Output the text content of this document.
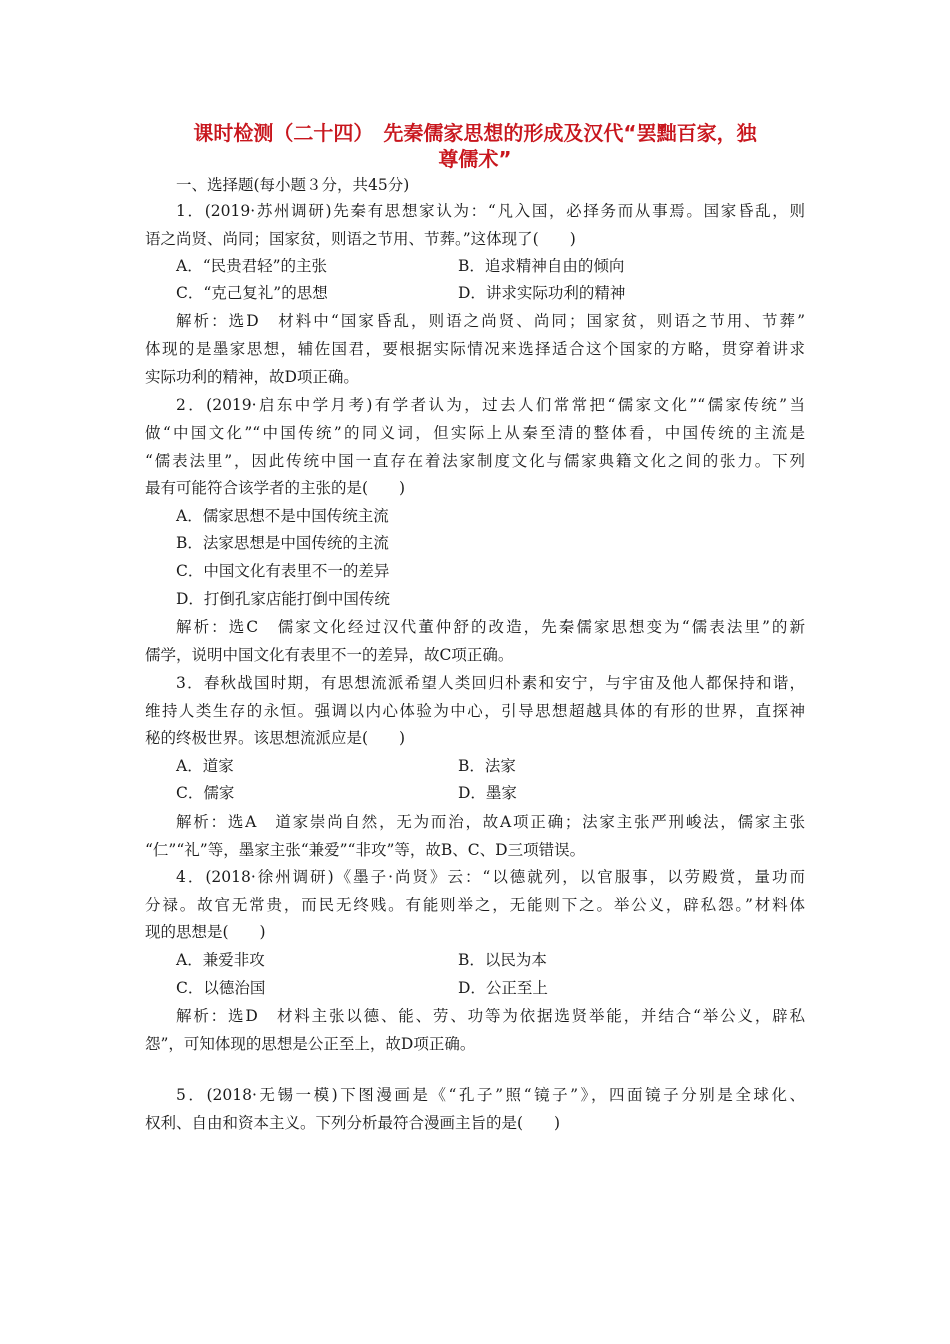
课时检测（二十四）　先秦儒家思想的形成及汉代“罢黜百家，独
尊儒术”
一、选择题(每小题３分，共45分)
1．(2019·苏州调研)先秦有思想家认为：“凡入国，必择务而从事焉。国家昏乱，则
语之尚贤、尚同；国家贫，则语之节用、节葬。”这体现了(　　)
A．“民贵君轻”的主张	B．追求精神自由的倾向
C．“克己复礼”的思想	D．讲求实际功利的精神
解析：选D　材料中“国家昏乱，则语之尚贤、尚同；国家贫，则语之节用、节葬”
体现的是墨家思想，辅佐国君，要根据实际情况来选择适合这个国家的方略，贯穿着讲求
实际功利的精神，故D项正确。
2．(2019·启东中学月考)有学者认为，过去人们常常把“儒家文化”“儒家传统”当
做“中国文化”“中国传统”的同义词，但实际上从秦至清的整体看，中国传统的主流是
“儒表法里”，因此传统中国一直存在着法家制度文化与儒家典籍文化之间的张力。下列
最有可能符合该学者的主张的是(　　)
A．儒家思想不是中国传统主流
B．法家思想是中国传统的主流
C．中国文化有表里不一的差异
D．打倒孔家店能打倒中国传统
解析：选C　儒家文化经过汉代董仲舒的改造，先秦儒家思想变为“儒表法里”的新
儒学，说明中国文化有表里不一的差异，故C项正确。
3．春秋战国时期，有思想流派希望人类回归朴素和安宁，与宇宙及他人都保持和谐，
维持人类生存的永恒。强调以内心体验为中心，引导思想超越具体的有形的世界，直探神
秘的终极世界。该思想流派应是(　　)
A．道家	B．法家
C．儒家	D．墨家
解析：选A　道家崇尚自然，无为而治，故A项正确；法家主张严刑峻法，儒家主张
“仁”“礼”等，墨家主张“兼爱”“非攻”等，故B、C、D三项错误。
4．(2018·徐州调研)《墨子·尚贤》云：“以德就列，以官服事，以劳殿赏，量功而
分禄。故官无常贵，而民无终贱。有能则举之，无能则下之。举公义，辟私怨。”材料体
现的思想是(　　)
A．兼爱非攻	B．以民为本
C．以德治国	D．公正至上
解析：选D　材料主张以德、能、劳、功等为依据选贤举能，并结合“举公义，辟私
怨”，可知体现的思想是公正至上，故D项正确。
5．(2018·无锡一模)下图漫画是《“孔子”照“镜子”》，四面镜子分别是全球化、
权利、自由和资本主义。下列分析最符合漫画主旨的是(　　)
